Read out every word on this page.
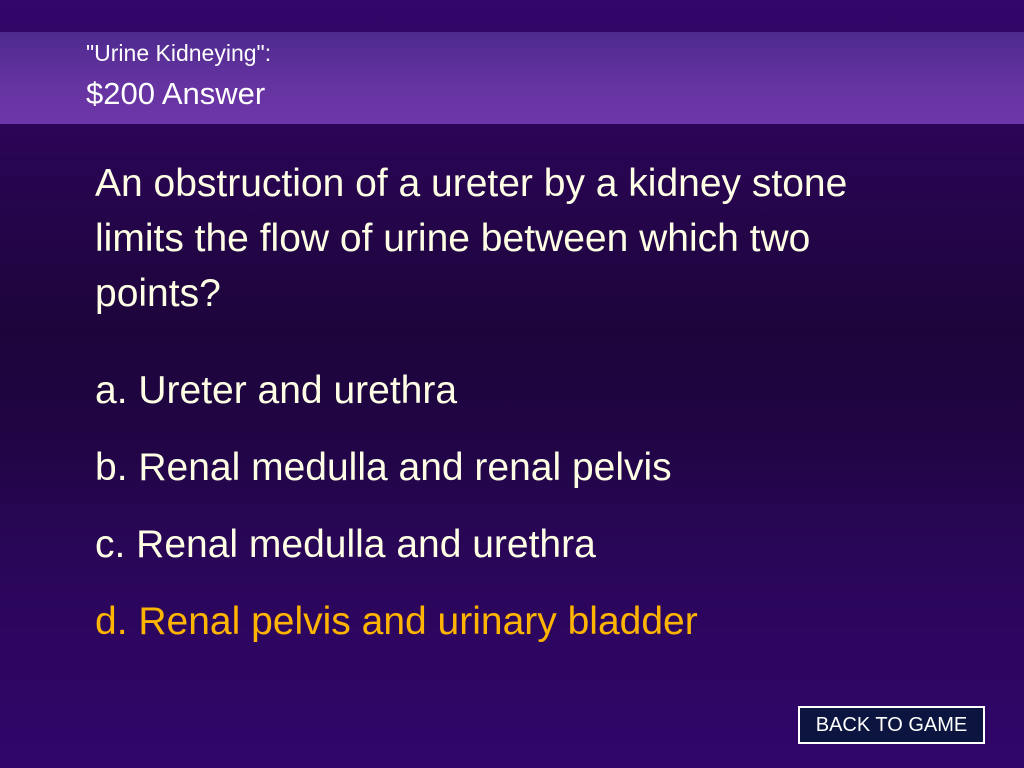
"Urine Kidneying":
$200 Answer

An obstruction of a ureter by a kidney stone limits the flow of urine between which two points?

a. Ureter and urethra
b. Renal medulla and renal pelvis
c. Renal medulla and urethra
d. Renal pelvis and urinary bladder
BACK TO GAME
